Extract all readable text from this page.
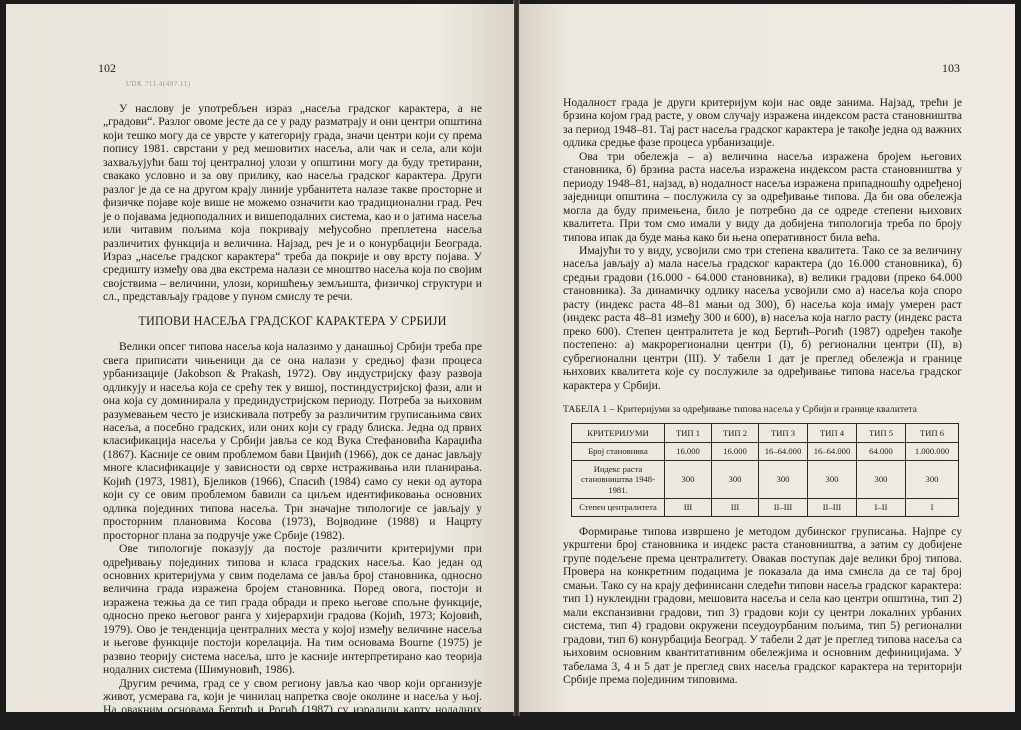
102
UDK 711.4(497.11)

У наслову је употребљен израз „насеља градског карактера, а не „градови“. Разлог овоме јесте да се у раду разматрају и они центри општина који тешко могу да се уврсте у категорију града, значи центри који су према попису 1981. сврстани у ред мешовитих насеља, али чак и села, али који захваљујући баш тој централној улози у општини могу да буду третирани, свакако условно и за ову прилику, као насеља градског карактера. Други разлог је да се на другом крају линије урбанитета налазе такве просторне и физичке појаве које више не можемо означити као традиционални град. Реч је о појавама једноподалних и вишеподалних система, као и о јатима насеља или читавим пољима која покривају међусобно преплетена насеља различитих функција и величина. Најзад, реч је и о конурбацији Београда. Израз „насеље градског карактера“ треба да покрије и ову врсту појава. У средишту између ова два екстрема налази се мноштво насеља која по својим својствима – величини, улози, коришћењу земљишта, физичкој структури и сл., представљају градове у пуном смислу те речи.

ТИПОВИ НАСЕЉА ГРАДСКОГ КАРАКТЕРА У СРБИЈИ

Велики опсег типова насеља која налазимо у данашњој Србији треба пре свега приписати чињеници да се она налази у средњој фази процеса урбанизације (Jakobson & Prakash, 1972). Ову индустријску фазу развоја одликују и насеља која се срећу тек у вишој, постиндустријској фази, али и она која су доминирала у прединдустријском периоду. Потреба за њиховим разумевањем често је изискивала потребу за различитим груписањима свих насеља, а посебно градских, или оних који су граду блиска. Једна од првих класификација насеља у Србији јавља се код Вука Стефановића Караџића (1867). Касније се овим проблемом бави Цвијић (1966), док се данас јављају многе класификације у зависности од сврхе истраживања или планирања. Којић (1973, 1981), Бјеликов (1966), Спасић (1984) само су неки од аутора који су се овим проблемом бавили са циљем идентификовања основних одлика појединих типова насеља. Три значајне типологије се јављају у просторним плановима Косова (1973), Војводине (1988) и Нацрту просторног плана за подручје уже Србије (1982).

Ове типологије показују да постоје различити критеријуми при одређивању појединих типова и класа градских насеља. Као један од основних критеријума у свим поделама се јавља број становника, односно величина града изражена бројем становника. Поред овога, постоји и изражена тежња да се тип града обради и преко његове спољне функције, односно преко његовог ранга у хијерархији градова (Којић, 1973; Којовић, 1979). Ово је тенденција централних места у којој између величине насеља и његове функције постоји корелација. На тим основама Bourne (1975) је развио теорију система насеља, што је касније интерпретирано као теорија нодалних система (Шимуновић, 1986).

Другим речима, град се у свом региону јавља као чвор који организује живот, усмерава га, који је чинилац напретка своје околине и насеља у њој. На овакним основама Бертић и Рогић (1987) су израдили карту нодалних регија Југославије у оквиру које су и нодалне регије Србије.

103

Нодалност града је други критеријум који нас овде занима. Најзад, трећи је брзина којом град расте, у овом случају изражена индексом раста становништва за период 1948–81. Тај раст насеља градског карактера је такође једна од важних одлика средње фазе процеса урбанизације.

Ова три обележја – а) величина насеља изражена бројем његових становника, б) брзина раста насеља изражена индексом раста становништва у периоду 1948–81, најзад, в) нодалност насеља изражена припадношћу одређеној заједници општина – послужила су за одређивање типова. Да би ова обележја могла да буду примењена, било је потребно да се одреде степени њихових квалитета. При том смо имали у виду да добијена типологија треба по броју типова ипак да буде мања како би њена оперативност била већа.

Имајући то у виду, усвојили смо три степена квалитета. Тако се за величину насеља јављају а) мала насеља градског карактера (до 16.000 становника), б) средњи градови (16.000 - 64.000 становника), в) велики градови (преко 64.000 становника). За динамичку одлику насеља усвојили смо а) насеља која споро расту (индекс раста 48–81 мањи од 300), б) насеља која имају умерен раст (индекс раста 48–81 између 300 и 600), в) насеља која нагло расту (индекс раста преко 600). Степен централитета је код Бертић–Рогић (1987) одређен такође постепено: а) макрорегионални центри (I), б) регионални центри (II), в) субрегионални центри (III). У табели 1 дат је преглед обележја и границе њихових квалитета које су послужиле за одређивање типова насеља градског карактера у Србији.

ТАБЕЛА 1 – Критеријуми за одређивање типова насеља у Србији и границе квалитета
КРИТЕРИЈУМИ	ТИП 1	ТИП 2	ТИП 3	ТИП 4	ТИП 5	ТИП 6
Број становника	16.000	16.000	16–64.000	16–64.000	64.000	1.000.000
Индекс раста становништва 1948-1981.	300	300	300	300	300	300
Степен централитета	III	III	II–III	II–III	I–II	I

Формирање типова извршено је методом дубинског груписања. Најпре су укрштени број становника и индекс раста становништва, а затим су добијене групе подељене према централитету. Овакав поступак даје велики број типова. Провера на конкретним подацима је показала да има смисла да се тај број смањи. Тако су на крају дефинисани следећи типови насеља градског карактера: тип 1) нуклеидни градови, мешовита насеља и села као центри општина, тип 2) мали експанзивни градови, тип 3) градови који су центри локалних урбаних система, тип 4) градови окружени псеудоурбаним пољима, тип 5) регионални градови, тип 6) конурбација Београд. У табели 2 дат је преглед типова насеља са њиховим основним квантитативним обележјима и основним дефиницијама. У табелама 3, 4 и 5 дат је преглед свих насеља градског карактера на територији Србије према појединим типовима.
